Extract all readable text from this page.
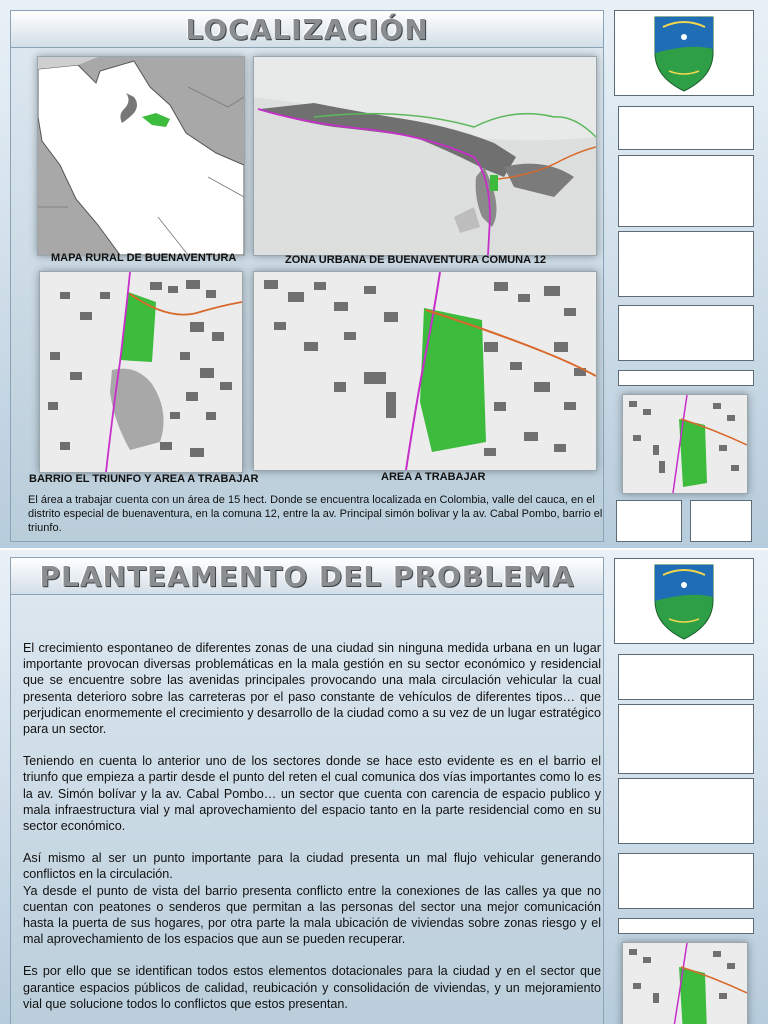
LOCALIZACIÓN
MAPA RURAL DE BUENAVENTURA	ZONA URBANA DE BUENAVENTURA COMUNA 12
BARRIO EL TRIUNFO Y AREA A TRABAJAR	AREA A TRABAJAR
El área a trabajar cuenta con un área de 15 hect. Donde se encuentra localizada en Colombia, valle del cauca, en el distrito especial de buenaventura, en la comuna 12, entre la av. Principal simón bolivar y la av. Cabal Pombo, barrio el triunfo.
PLANTEAMENTO DEL PROBLEMA

El crecimiento espontaneo de diferentes zonas de una ciudad sin ninguna medida urbana en un lugar importante provocan diversas problemáticas en la mala gestión en su sector económico y residencial que se encuentre sobre las avenidas principales provocando una mala circulación vehicular la cual presenta deterioro sobre las carreteras por el paso constante de vehículos de diferentes tipos… que perjudican enormemente el crecimiento y desarrollo de la ciudad como a su vez de un lugar estratégico para un sector.

Teniendo en cuenta lo anterior uno de los sectores donde se hace esto evidente es en el barrio el triunfo que empieza a partir desde el punto del reten el cual comunica dos vías importantes como lo es la av. Simón bolívar y la av. Cabal Pombo… un sector que cuenta con carencia de espacio publico y mala infraestructura vial y mal aprovechamiento del espacio tanto en la parte residencial como en su sector económico.

Así mismo al ser un punto importante para la ciudad presenta un mal flujo vehicular generando conflictos en la circulación.
Ya desde el punto de vista del barrio presenta conflicto entre la conexiones de las calles ya que no cuentan con peatones o senderos que permitan a las personas del sector una mejor comunicación hasta la puerta de sus hogares, por otra parte la mala ubicación de viviendas sobre zonas riesgo y el mal aprovechamiento de los espacios que aun se pueden recuperar.

Es por ello que se identifican todos estos elementos dotacionales para la ciudad y en el sector que garantice espacios públicos de calidad, reubicación y consolidación de viviendas, y un mejoramiento vial que solucione todos lo conflictos que estos presentan.
